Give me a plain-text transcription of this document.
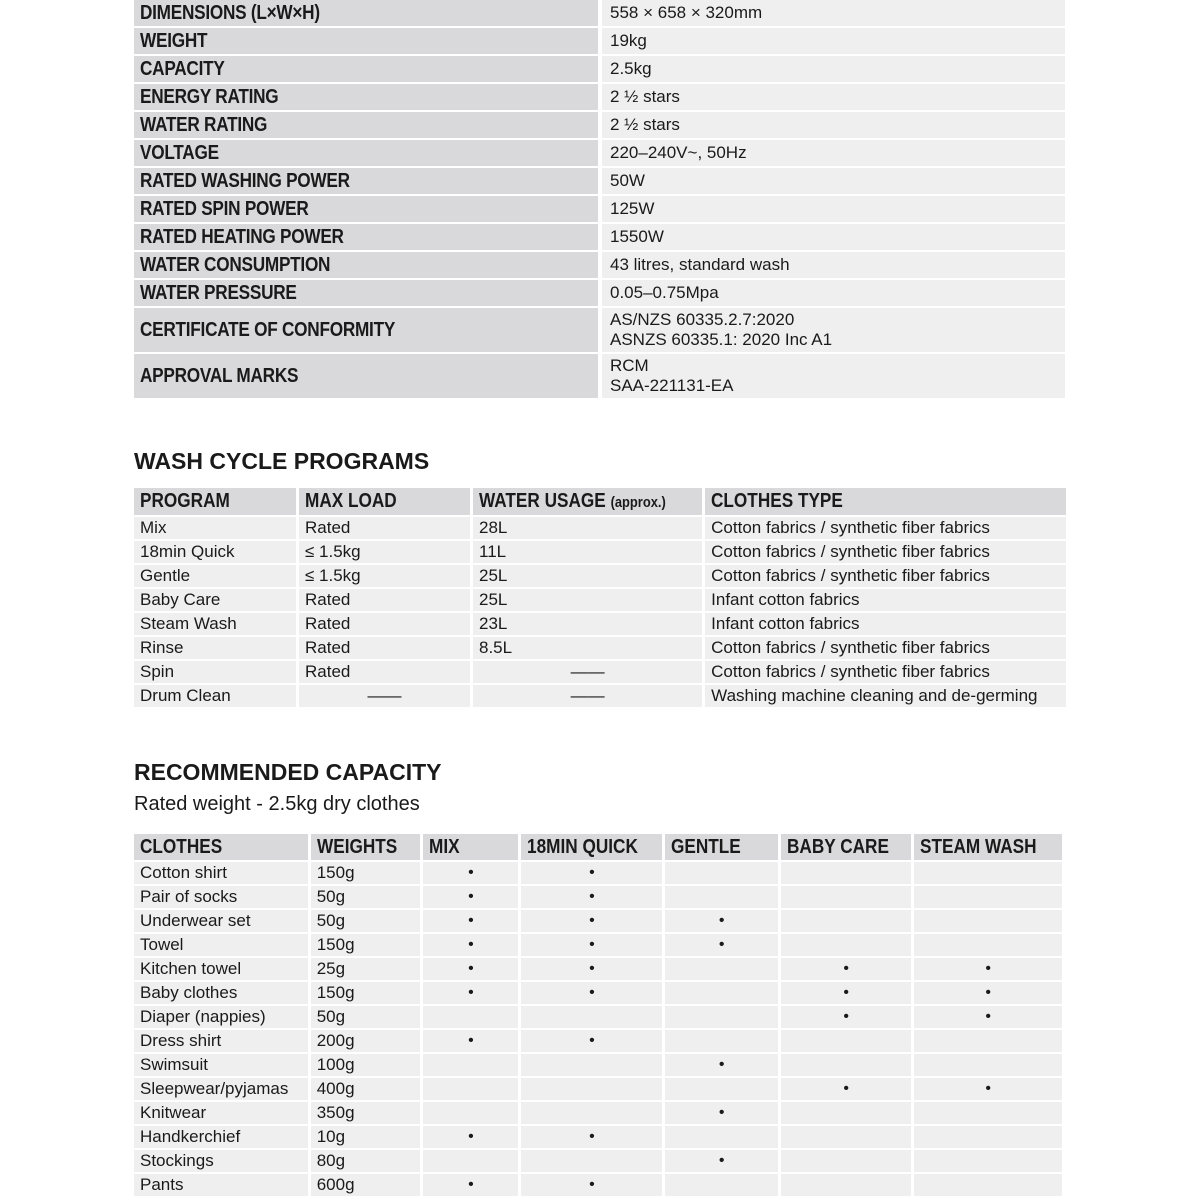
DIMENSIONS (L×W×H)	558 × 658 × 320mm
WEIGHT	19kg
CAPACITY	2.5kg
ENERGY RATING	2 ½ stars
WATER RATING	2 ½ stars
VOLTAGE	220–240V~, 50Hz
RATED WASHING POWER	50W
RATED SPIN POWER	125W
RATED HEATING POWER	1550W
WATER CONSUMPTION	43 litres, standard wash
WATER PRESSURE	0.05–0.75Mpa
CERTIFICATE OF CONFORMITY	AS/NZS 60335.2.7:2020
ASNZS 60335.1: 2020 Inc A1

APPROVAL MARKS	RCM
SAA-221131-EA
WASH CYCLE PROGRAMS
PROGRAM	MAX LOAD	WATER USAGE (approx.)	CLOTHES TYPE
Mix	Rated	28L	Cotton fabrics / synthetic fiber fabrics
18min Quick	≤ 1.5kg	11L	Cotton fabrics / synthetic fiber fabrics
Gentle	≤ 1.5kg	25L	Cotton fabrics / synthetic fiber fabrics
Baby Care	Rated	25L	Infant cotton fabrics
Steam Wash	Rated	23L	Infant cotton fabrics
Rinse	Rated	8.5L	Cotton fabrics / synthetic fiber fabrics
Spin	Rated	——	Cotton fabrics / synthetic fiber fabrics
Drum Clean	——	——	Washing machine cleaning and de-germing
RECOMMENDED CAPACITY

Rated weight - 2.5kg dry clothes

CLOTHES	WEIGHTS	MIX	18MIN QUICK	GENTLE	BABY CARE	STEAM WASH
Cotton shirt	150g	•	•			
Pair of socks	50g	•	•			
Underwear set	50g	•	•	•		
Towel	150g	•	•	•		
Kitchen towel	25g	•	•		•	•
Baby clothes	150g	•	•		•	•
Diaper (nappies)	50g				•	•
Dress shirt	200g	•	•			
Swimsuit	100g			•		
Sleepwear/pyjamas	400g				•	•
Knitwear	350g			•		
Handkerchief	10g	•	•			
Stockings	80g			•		
Pants	600g	•	•			
